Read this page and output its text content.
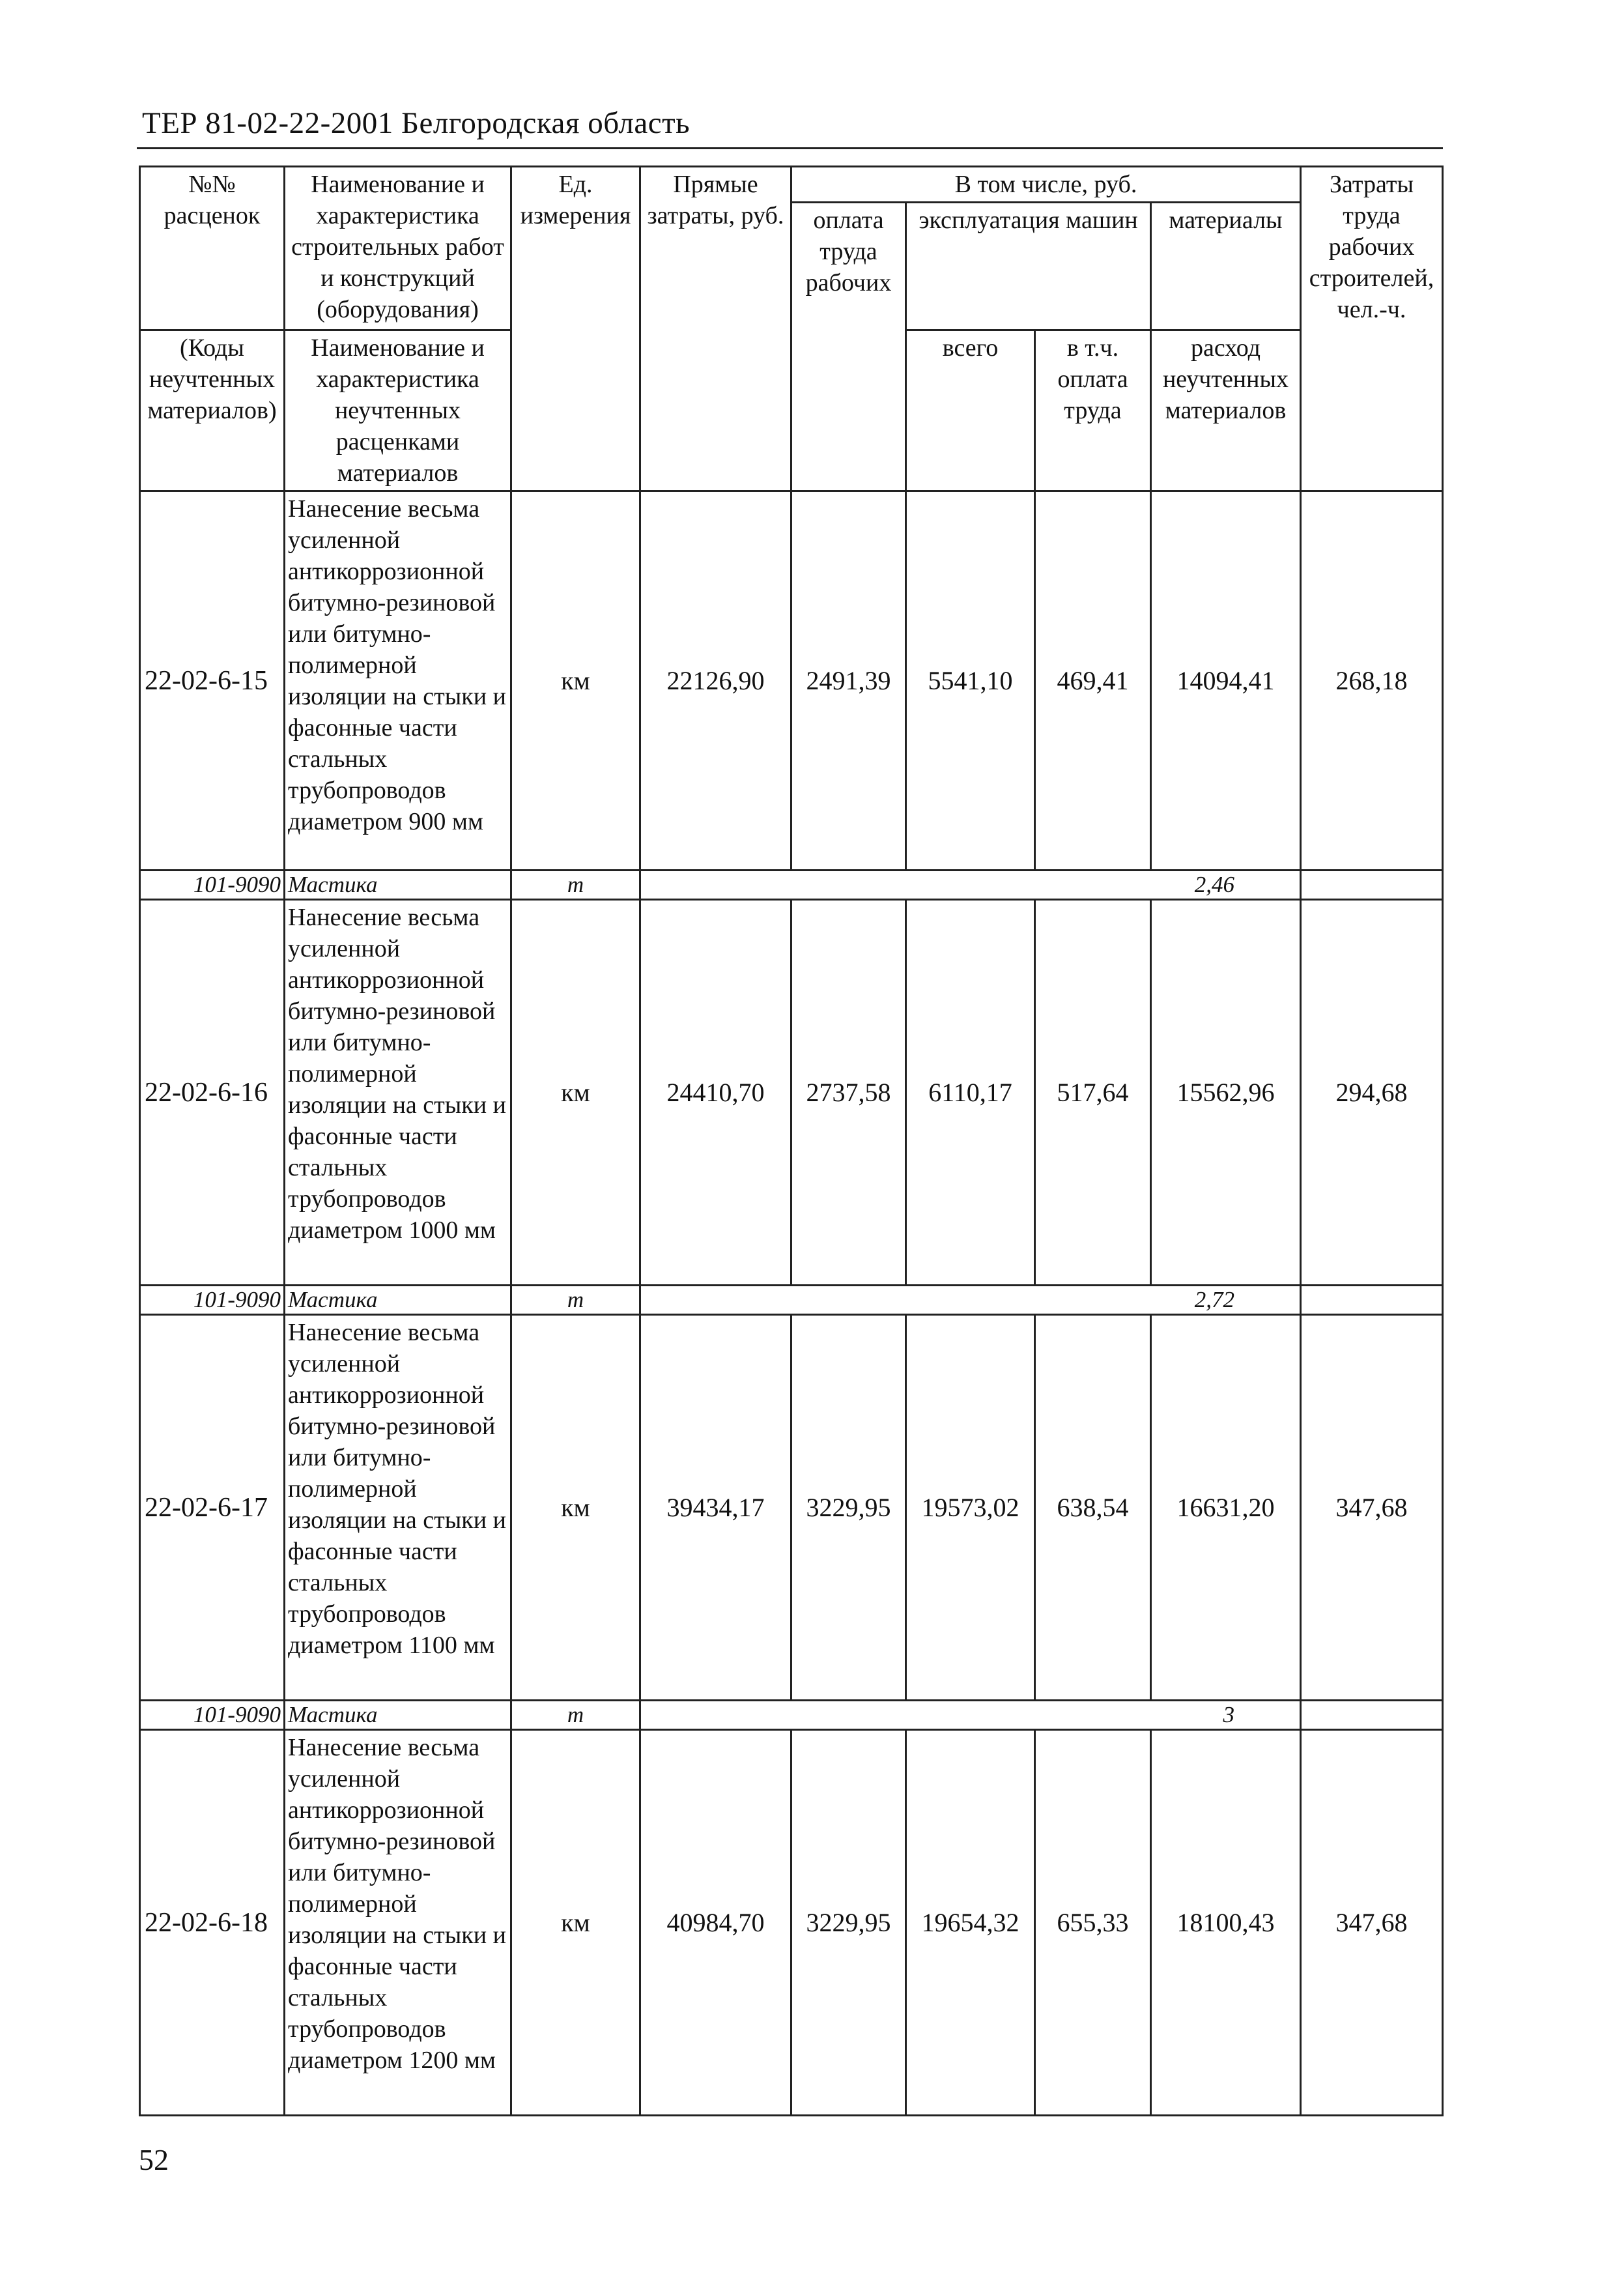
ТЕР 81-02-22-2001 Белгородская область
№№ расценок	Наименование и характеристика строительных работ и конструкций (оборудования)	Ед. измерения	Прямые затраты, руб.	В том числе, руб.				Затраты труда рабочих строителей, чел.-ч.
				оплата труда рабочих	эксплуатация машин		материалы	

(Коды неучтенных материалов)	Наименование и характеристика неучтенных расценками материалов				всего	в т.ч. оплата труда	расход неучтенных материалов	

22-02-6-15	Нанесение весьма усиленной антикоррозионной битумно-резиновой или битумно-полимерной изоляции на стыки и фасонные части стальных трубопроводов диаметром 900 мм	км	22126,90	2491,39	5541,10	469,41	14094,41	268,18
101-9090	Мастика	т	2,46					
22-02-6-16	Нанесение весьма усиленной антикоррозионной битумно-резиновой или битумно-полимерной изоляции на стыки и фасонные части стальных трубопроводов диаметром 1000 мм	км	24410,70	2737,58	6110,17	517,64	15562,96	294,68
101-9090	Мастика	т	2,72					
22-02-6-17	Нанесение весьма усиленной антикоррозионной битумно-резиновой или битумно-полимерной изоляции на стыки и фасонные части стальных трубопроводов диаметром 1100 мм	км	39434,17	3229,95	19573,02	638,54	16631,20	347,68
101-9090	Мастика	т	3					
22-02-6-18	Нанесение весьма усиленной антикоррозионной битумно-резиновой или битумно-полимерной изоляции на стыки и фасонные части стальных трубопроводов диаметром 1200 мм	км	40984,70	3229,95	19654,32	655,33	18100,43	347,68
52
